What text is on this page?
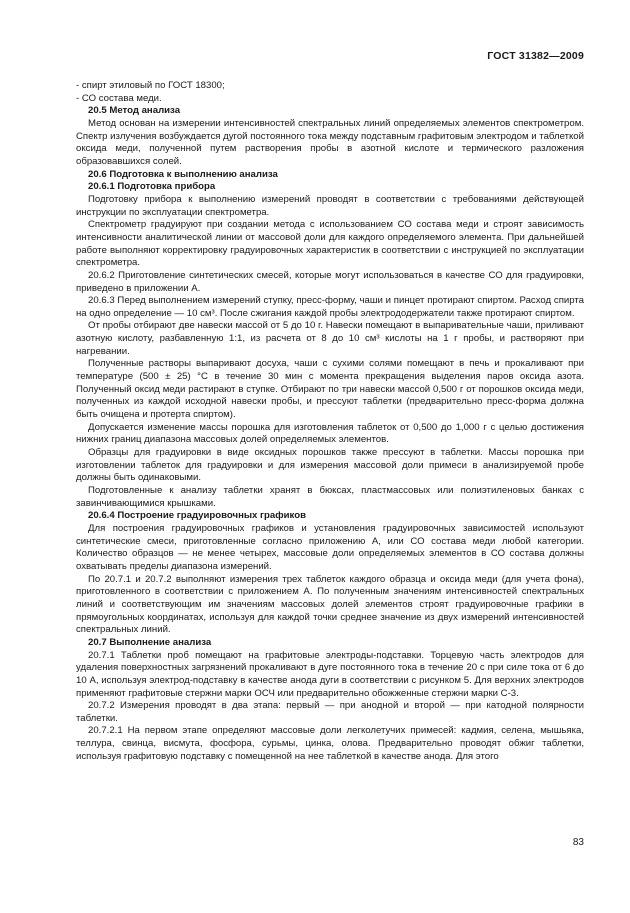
ГОСТ 31382—2009

- спирт этиловый по ГОСТ 18300;

- СО состава меди.

20.5 Метод анализа

Метод основан на измерении интенсивностей спектральных линий определяемых элементов спектрометром. Спектр излучения возбуждается дугой постоянного тока между подставным графитовым электродом и таблеткой оксида меди, полученной путем растворения пробы в азотной кислоте и термического разложения образовавшихся солей.

20.6 Подготовка к выполнению анализа
20.6.1 Подготовка прибора

Подготовку прибора к выполнению измерений проводят в соответствии с требованиями действующей инструкции по эксплуатации спектрометра.

Спектрометр градуируют при создании метода с использованием СО состава меди и строят зависимость интенсивности аналитической линии от массовой доли для каждого определяемого элемента. При дальнейшей работе выполняют корректировку градуировочных характеристик в соответствии с инструкцией по эксплуатации спектрометра.

20.6.2 Приготовление синтетических смесей, которые могут использоваться в качестве СО для градуировки, приведено в приложении А.

20.6.3 Перед выполнением измерений ступку, пресс-форму, чаши и пинцет протирают спиртом. Расход спирта на одно определение — 10 см³. После сжигания каждой пробы электрододержатели также протирают спиртом.

От пробы отбирают две навески массой от 5 до 10 г. Навески помещают в выпаривательные чаши, приливают азотную кислоту, разбавленную 1:1, из расчета от 8 до 10 см³ кислоты на 1 г пробы, и растворяют при нагревании.

Полученные растворы выпаривают досуха, чаши с сухими солями помещают в печь и прокаливают при температуре (500 ± 25) °С в течение 30 мин с момента прекращения выделения паров оксида азота. Полученный оксид меди растирают в ступке. Отбирают по три навески массой 0,500 г от порошков оксида меди, полученных из каждой исходной навески пробы, и прессуют таблетки (предварительно пресс-форма должна быть очищена и протерта спиртом).

Допускается изменение массы порошка для изготовления таблеток от 0,500 до 1,000 г с целью достижения нижних границ диапазона массовых долей определяемых элементов.

Образцы для градуировки в виде оксидных порошков также прессуют в таблетки. Массы порошка при изготовлении таблеток для градуировки и для измерения массовой доли примеси в анализируемой пробе должны быть одинаковыми.

Подготовленные к анализу таблетки хранят в бюксах, пластмассовых или полиэтиленовых банках с завинчивающимися крышками.

20.6.4 Построение градуировочных графиков

Для построения градуировочных графиков и установления градуировочных зависимостей используют синтетические смеси, приготовленные согласно приложению А, или СО состава меди любой категории. Количество образцов — не менее четырех, массовые доли определяемых элементов в СО состава должны охватывать пределы диапазона измерений.

По 20.7.1 и 20.7.2 выполняют измерения трех таблеток каждого образца и оксида меди (для учета фона), приготовленного в соответствии с приложением А. По полученным значениям интенсивностей спектральных линий и соответствующим им значениям массовых долей элементов строят градуировочные графики в прямоугольных координатах, используя для каждой точки среднее значение из двух измерений интенсивностей спектральных линий.

20.7 Выполнение анализа

20.7.1 Таблетки проб помещают на графитовые электроды-подставки. Торцевую часть электродов для удаления поверхностных загрязнений прокаливают в дуге постоянного тока в течение 20 с при силе тока от 6 до 10 А, используя электрод-подставку в качестве анода дуги в соответствии с рисунком 5. Для верхних электродов применяют графитовые стержни марки ОСЧ или предварительно обожженные стержни марки С-3.

20.7.2 Измерения проводят в два этапа: первый — при анодной и второй — при катодной полярности таблетки.

20.7.2.1 На первом этапе определяют массовые доли легколетучих примесей: кадмия, селена, мышьяка, теллура, свинца, висмута, фосфора, сурьмы, цинка, олова. Предварительно проводят обжиг таблетки, используя графитовую подставку с помещенной на нее таблеткой в качестве анода. Для этого

83
